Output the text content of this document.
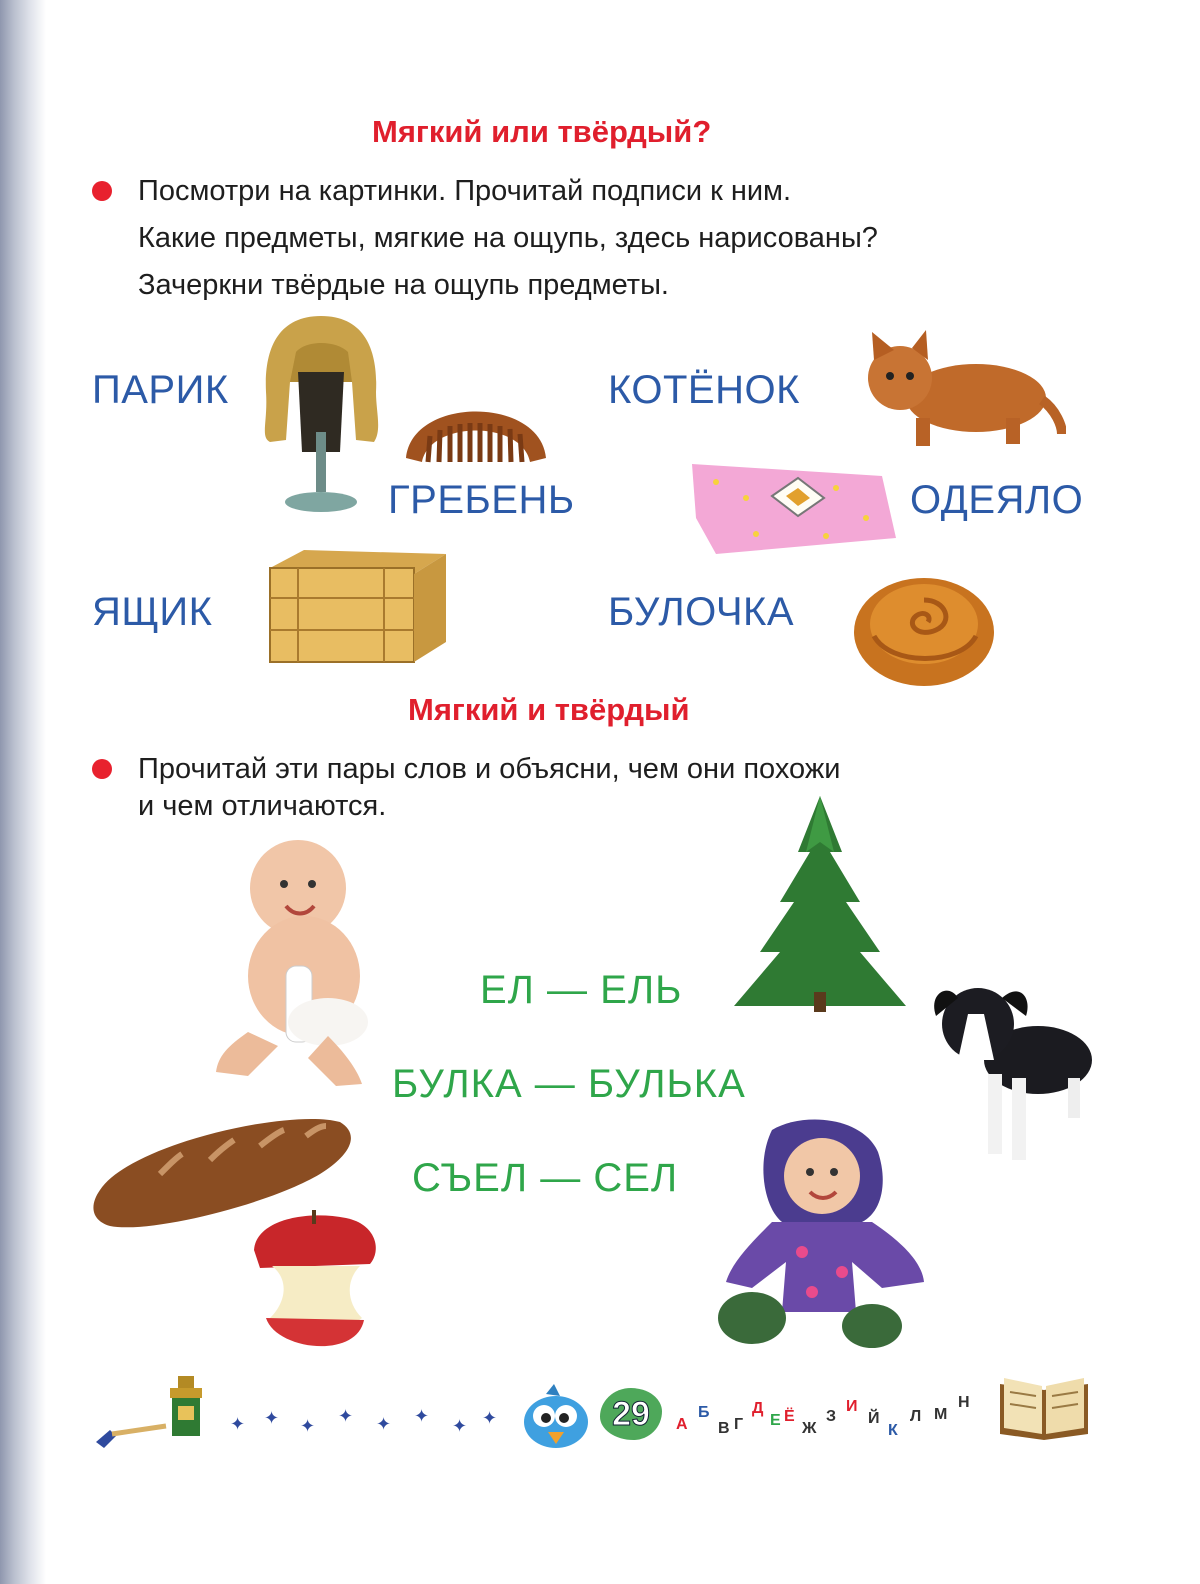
Мягкий или твёрдый?
Посмотри на картинки. Прочитай подписи к ним.
Какие предметы, мягкие на ощупь, здесь нарисованы?
Зачеркни твёрдые на ощупь предметы.
ПАРИК
ГРЕБЕНЬ
КОТЁНОК
ОДЕЯЛО
ЯЩИК	БУЛОЧКА
Мягкий и твёрдый
Прочитай эти пары слов и объясни, чем они похожи
и чем отличаются.
ЕЛ — ЕЛЬ
БУЛКА — БУЛЬКА
СЪЕЛ — СЕЛ
✦ ✦ ✦ ✦ ✦ ✦ ✦ ✦	29	А
Б
В Г
Д
Е Ё
Ж
З
И
Й
К
Л М
Н
